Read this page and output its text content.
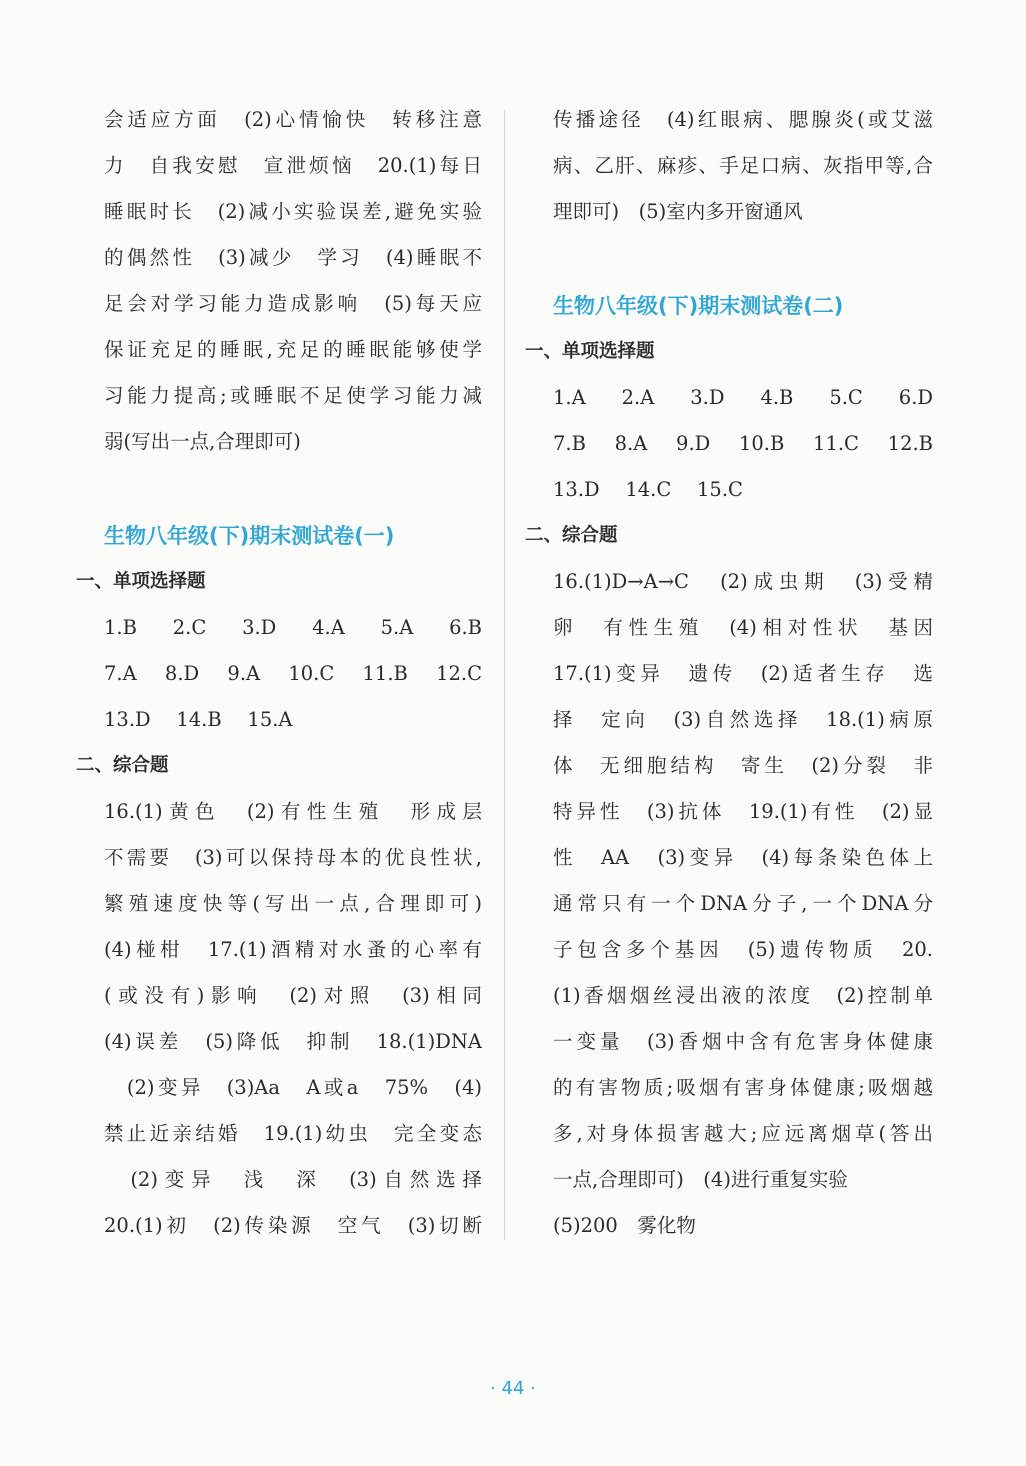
会适应方面　(2)心情愉快　转移注意
力　自我安慰　宣泄烦恼　20.(1)每日
睡眠时长　(2)减小实验误差,避免实验
的偶然性　(3)减少　学习　(4)睡眠不
足会对学习能力造成影响　(5)每天应
保证充足的睡眠,充足的睡眠能够使学
习能力提高;或睡眠不足使学习能力减
弱(写出一点,合理即可)
生物八年级(下)期末测试卷(一)
一、单项选择题
1.B 2.C 3.D 4.A 5.A 6.B
7.A 8.D 9.A 10.C 11.B 12.C
13.D　 14.B　 15.A
二、综合题
16.(1)黄色　(2)有性生殖　形成层
不需要　(3)可以保持母本的优良性状,
繁殖速度快等(写出一点,合理即可)
(4)椪柑　17.(1)酒精对水蚤的心率有
(或没有)影响　(2)对照　(3)相同
(4)误差　(5)降低　抑制　18.(1)DNA
　(2)变异　(3)Aa　A或a　75%　(4)
禁止近亲结婚　19.(1)幼虫　完全变态
　(2)变异　浅　深　(3)自然选择
20.(1)初　(2)传染源　空气　(3)切断
传播途径　(4)红眼病、腮腺炎(或艾滋
病、乙肝、麻疹、手足口病、灰指甲等,合
理即可)　(5)室内多开窗通风
生物八年级(下)期末测试卷(二)
一、单项选择题
1.A 2.A 3.D 4.B 5.C 6.D
7.B 8.A 9.D 10.B 11.C 12.B
13.D　 14.C　 15.C
二、综合题
16.(1)D→A→C　(2)成虫期　(3)受精
卵　有性生殖　(4)相对性状　基因
17.(1)变异　遗传　(2)适者生存　选
择　定向　(3)自然选择　18.(1)病原
体　无细胞结构　寄生　(2)分裂　非
特异性　(3)抗体　19.(1)有性　(2)显
性　AA　(3)变异　(4)每条染色体上
通常只有一个DNA分子,一个DNA分
子包含多个基因　(5)遗传物质　20.
(1)香烟烟丝浸出液的浓度　(2)控制单
一变量　(3)香烟中含有危害身体健康
的有害物质;吸烟有害身体健康;吸烟越
多,对身体损害越大;应远离烟草(答出
一点,合理即可)　(4)进行重复实验
(5)200　雾化物
· 44 ·
